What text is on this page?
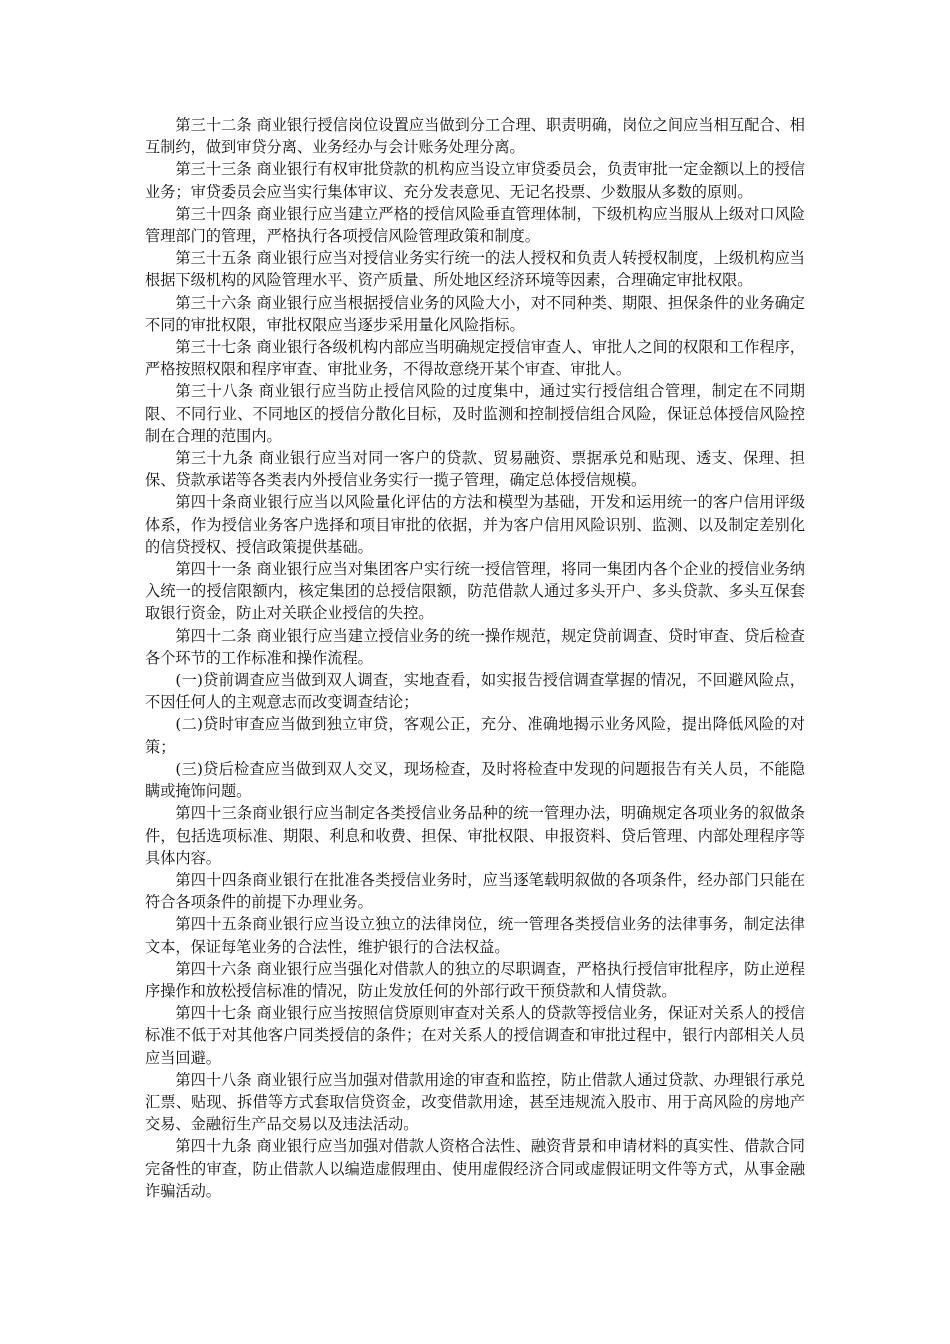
第三十二条 商业银行授信岗位设置应当做到分工合理、职责明确，岗位之间应当相互配合、相互制约，做到审贷分离、业务经办与会计账务处理分离。

第三十三条 商业银行有权审批贷款的机构应当设立审贷委员会，负责审批一定金额以上的授信业务；审贷委员会应当实行集体审议、充分发表意见、无记名投票、少数服从多数的原则。

第三十四条 商业银行应当建立严格的授信风险垂直管理体制，下级机构应当服从上级对口风险管理部门的管理，严格执行各项授信风险管理政策和制度。

第三十五条 商业银行应当对授信业务实行统一的法人授权和负责人转授权制度，上级机构应当根据下级机构的风险管理水平、资产质量、所处地区经济环境等因素，合理确定审批权限。

第三十六条 商业银行应当根据授信业务的风险大小，对不同种类、期限、担保条件的业务确定不同的审批权限，审批权限应当逐步采用量化风险指标。

第三十七条 商业银行各级机构内部应当明确规定授信审查人、审批人之间的权限和工作程序，严格按照权限和程序审查、审批业务，不得故意绕开某个审查、审批人。

第三十八条 商业银行应当防止授信风险的过度集中，通过实行授信组合管理，制定在不同期限、不同行业、不同地区的授信分散化目标，及时监测和控制授信组合风险，保证总体授信风险控制在合理的范围内。

第三十九条 商业银行应当对同一客户的贷款、贸易融资、票据承兑和贴现、透支、保理、担保、贷款承诺等各类表内外授信业务实行一揽子管理，确定总体授信规模。

第四十条商业银行应当以风险量化评估的方法和模型为基础，开发和运用统一的客户信用评级体系，作为授信业务客户选择和项目审批的依据，并为客户信用风险识别、监测、以及制定差别化的信贷授权、授信政策提供基础。

第四十一条 商业银行应当对集团客户实行统一授信管理，将同一集团内各个企业的授信业务纳入统一的授信限额内，核定集团的总授信限额，防范借款人通过多头开户、多头贷款、多头互保套取银行资金，防止对关联企业授信的失控。

第四十二条 商业银行应当建立授信业务的统一操作规范，规定贷前调查、贷时审查、贷后检查各个环节的工作标准和操作流程。

(一)贷前调查应当做到双人调查，实地查看，如实报告授信调查掌握的情况，不回避风险点，不因任何人的主观意志而改变调查结论；

(二)贷时审查应当做到独立审贷，客观公正，充分、准确地揭示业务风险，提出降低风险的对策；

(三)贷后检查应当做到双人交叉，现场检查，及时将检查中发现的问题报告有关人员，不能隐瞒或掩饰问题。

第四十三条商业银行应当制定各类授信业务品种的统一管理办法，明确规定各项业务的叙做条件，包括选项标准、期限、利息和收费、担保、审批权限、申报资料、贷后管理、内部处理程序等具体内容。

第四十四条商业银行在批准各类授信业务时，应当逐笔载明叙做的各项条件，经办部门只能在符合各项条件的前提下办理业务。

第四十五条商业银行应当设立独立的法律岗位，统一管理各类授信业务的法律事务，制定法律文本，保证每笔业务的合法性，维护银行的合法权益。

第四十六条 商业银行应当强化对借款人的独立的尽职调查，严格执行授信审批程序，防止逆程序操作和放松授信标准的情况，防止发放任何的外部行政干预贷款和人情贷款。

第四十七条 商业银行应当按照信贷原则审查对关系人的贷款等授信业务，保证对关系人的授信标准不低于对其他客户同类授信的条件；在对关系人的授信调查和审批过程中，银行内部相关人员应当回避。

第四十八条 商业银行应当加强对借款用途的审查和监控，防止借款人通过贷款、办理银行承兑汇票、贴现、拆借等方式套取信贷资金，改变借款用途，甚至违规流入股市、用于高风险的房地产交易、金融衍生产品交易以及违法活动。

第四十九条 商业银行应当加强对借款人资格合法性、融资背景和申请材料的真实性、借款合同完备性的审查，防止借款人以编造虚假理由、使用虚假经济合同或虚假证明文件等方式，从事金融诈骗活动。
